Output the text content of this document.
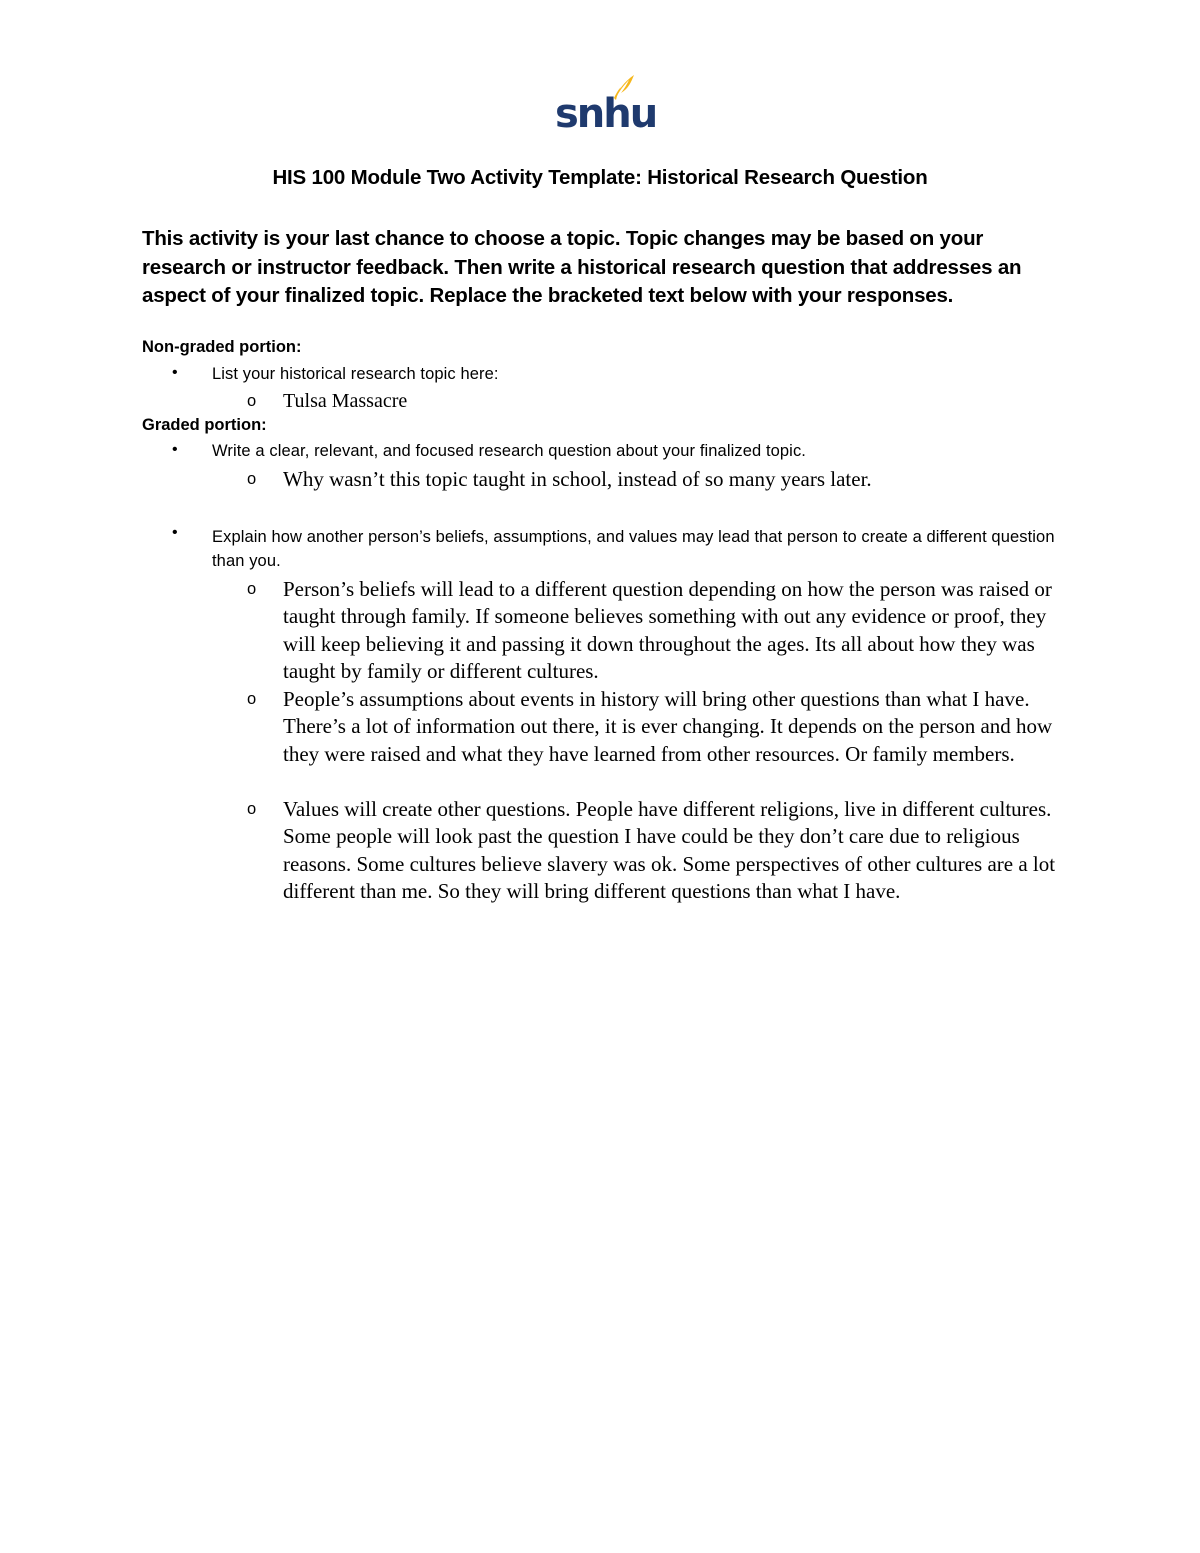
snhu
HIS 100 Module Two Activity Template: Historical Research Question
This activity is your last chance to choose a topic. Topic changes may be based on your research or instructor feedback. Then write a historical research question that addresses an aspect of your finalized topic. Replace the bracketed text below with your responses.
Non-graded portion:
• List your historical research topic here:
o Tulsa Massacre
Graded portion:
• Write a clear, relevant, and focused research question about your finalized topic.
o Why wasn’t this topic taught in school, instead of so many years later.
• Explain how another person’s beliefs, assumptions, and values may lead that person to create a different question than you.
o Person’s beliefs will lead to a different question depending on how the person was raised or taught through family. If someone believes something with out any evidence or proof, they will keep believing it and passing it down throughout the ages. Its all about how they was taught by family or different cultures.
o People’s assumptions about events in history will bring other questions than what I have. There’s a lot of information out there, it is ever changing. It depends on the person and how they were raised and what they have learned from other resources. Or family members.
o Values will create other questions. People have different religions, live in different cultures. Some people will look past the question I have could be they don’t care due to religious reasons. Some cultures believe slavery was ok. Some perspectives of other cultures are a lot different than me. So they will bring different questions than what I have.
